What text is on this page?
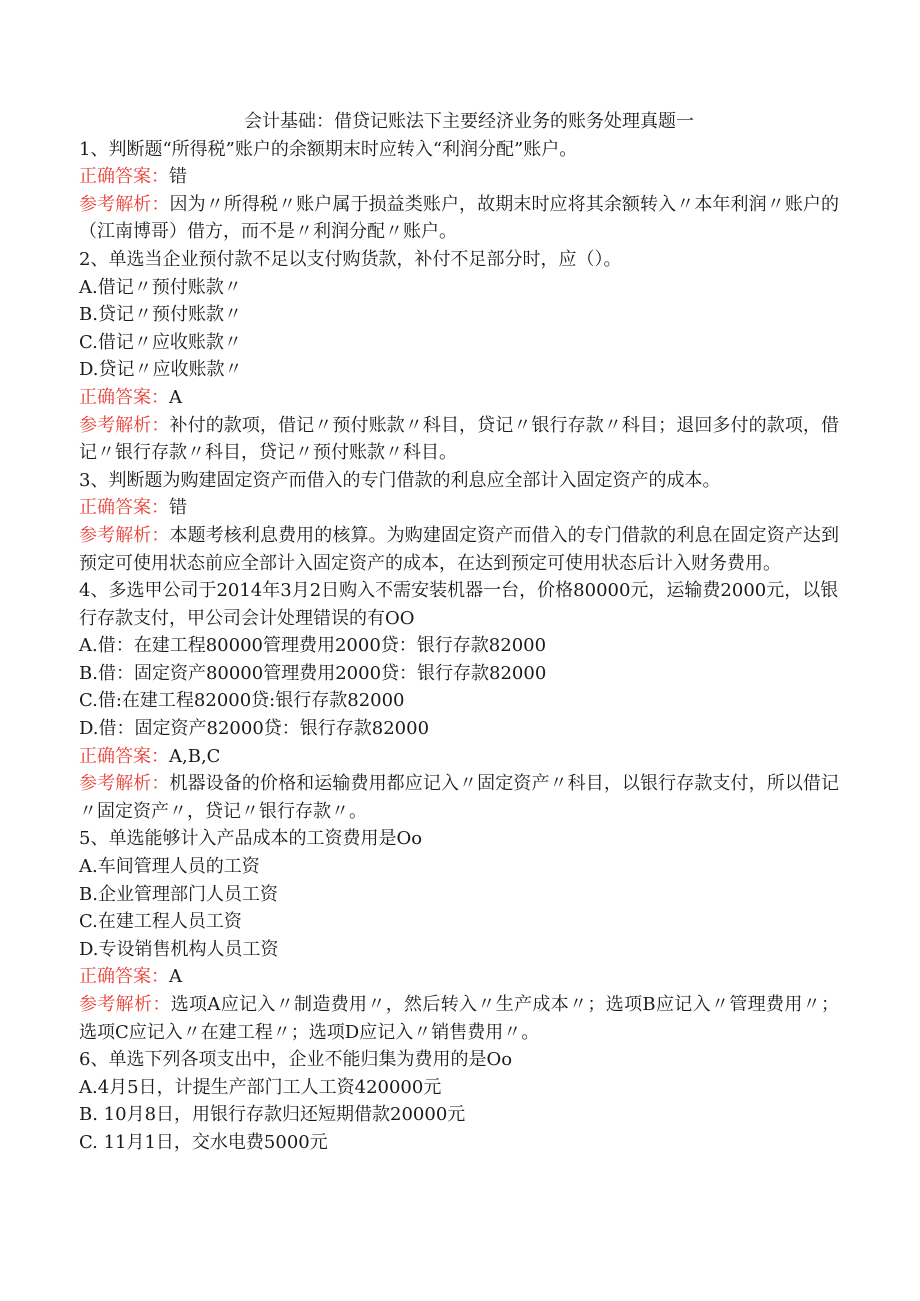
会计基础：借贷记账法下主要经济业务的账务处理真题一

1、判断题“所得税”账户的余额期末时应转入“利润分配”账户。

正确答案：错

参考解析：因为〃所得税〃账户属于损益类账户，故期末时应将其余额转入〃本年利润〃账户的（江南博哥）借方，而不是〃利润分配〃账户。

2、单选当企业预付款不足以支付购货款，补付不足部分时，应（）。

A.借记〃预付账款〃

B.贷记〃预付账款〃

C.借记〃应收账款〃

D.贷记〃应收账款〃

正确答案：A

参考解析：补付的款项，借记〃预付账款〃科目，贷记〃银行存款〃科目；退回多付的款项，借记〃银行存款〃科目，贷记〃预付账款〃科目。

3、判断题为购建固定资产而借入的专门借款的利息应全部计入固定资产的成本。

正确答案：错

参考解析：本题考核利息费用的核算。为购建固定资产而借入的专门借款的利息在固定资产达到预定可使用状态前应全部计入固定资产的成本，在达到预定可使用状态后计入财务费用。

4、多选甲公司于2014年3月2日购入不需安装机器一台，价格80000元，运输费2000元，以银行存款支付，甲公司会计处理错误的有OO

A.借：在建工程80000管理费用2000贷：银行存款82000

B.借：固定资产80000管理费用2000贷：银行存款82000

C.借:在建工程82000贷:银行存款82000

D.借：固定资产82000贷：银行存款82000

正确答案：A,B,C

参考解析：机器设备的价格和运输费用都应记入〃固定资产〃科目，以银行存款支付，所以借记〃固定资产〃，贷记〃银行存款〃。

5、单选能够计入产品成本的工资费用是Oo

A.车间管理人员的工资

B.企业管理部门人员工资

C.在建工程人员工资

D.专设销售机构人员工资

正确答案：A

参考解析：选项A应记入〃制造费用〃，然后转入〃生产成本〃；选项B应记入〃管理费用〃；选项C应记入〃在建工程〃；选项D应记入〃销售费用〃。

6、单选下列各项支出中，企业不能归集为费用的是Oo

A.4月5日，计提生产部门工人工资420000元

B. 10月8日，用银行存款归还短期借款20000元

C. 11月1日，交水电费5000元
